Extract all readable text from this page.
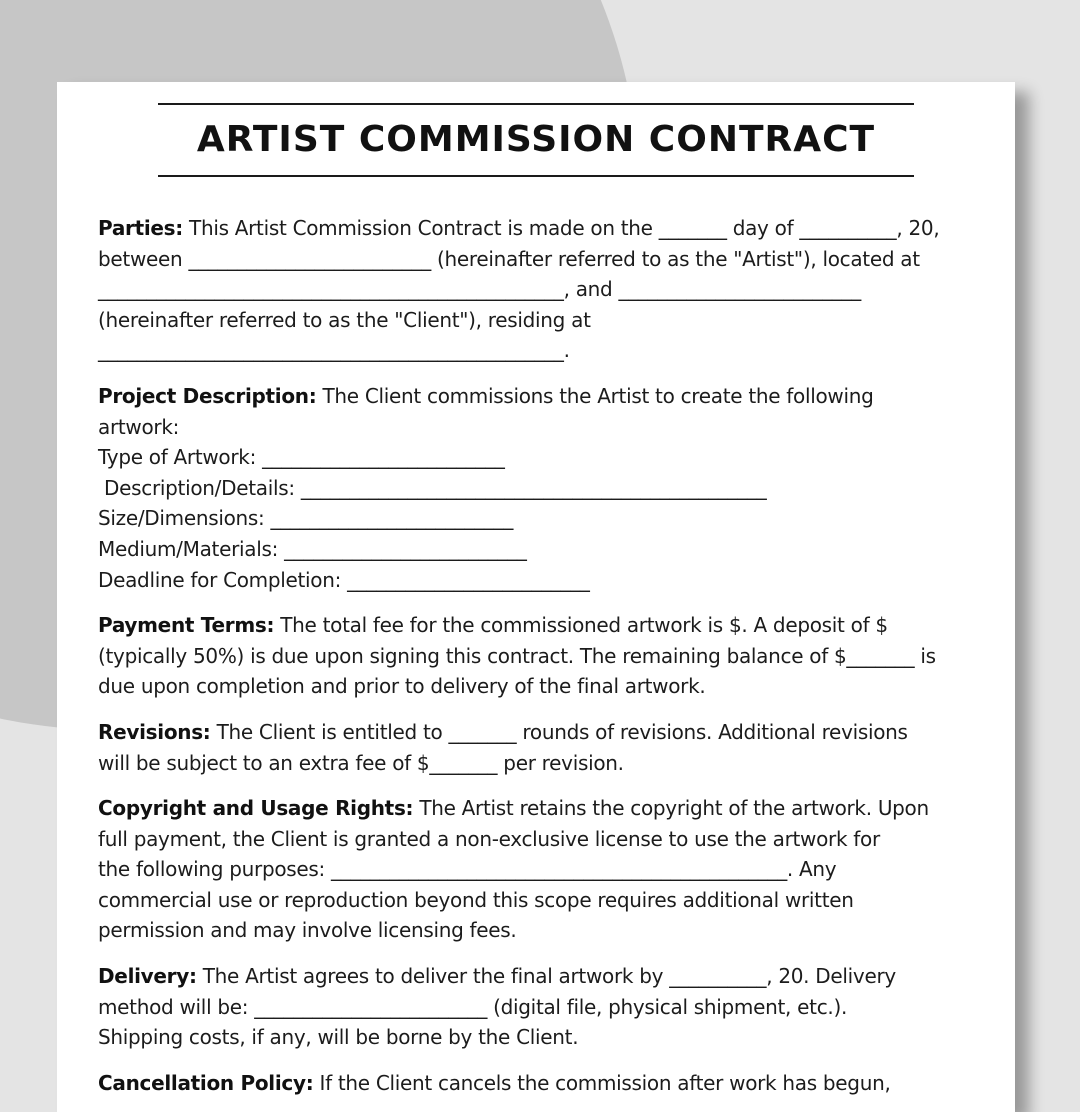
ARTIST COMMISSION CONTRACT
Parties: This Artist Commission Contract is made on the _______ day of __________, 20,
between _________________________ (hereinafter referred to as the "Artist"), located at
________________________________________________, and _________________________
(hereinafter referred to as the "Client"), residing at
________________________________________________.
Project Description: The Client commissions the Artist to create the following
artwork:
Type of Artwork: _________________________
Description/Details: ________________________________________________
Size/Dimensions: _________________________
Medium/Materials: _________________________
Deadline for Completion: _________________________
Payment Terms: The total fee for the commissioned artwork is $. A deposit of $
(typically 50%) is due upon signing this contract. The remaining balance of $_______ is
due upon completion and prior to delivery of the final artwork.
Revisions: The Client is entitled to _______ rounds of revisions. Additional revisions
will be subject to an extra fee of $_______ per revision.
Copyright and Usage Rights: The Artist retains the copyright of the artwork. Upon
full payment, the Client is granted a non-exclusive license to use the artwork for
the following purposes: _______________________________________________. Any
commercial use or reproduction beyond this scope requires additional written
permission and may involve licensing fees.
Delivery: The Artist agrees to deliver the final artwork by __________, 20. Delivery
method will be: ________________________ (digital file, physical shipment, etc.).
Shipping costs, if any, will be borne by the Client.
Cancellation Policy: If the Client cancels the commission after work has begun,
